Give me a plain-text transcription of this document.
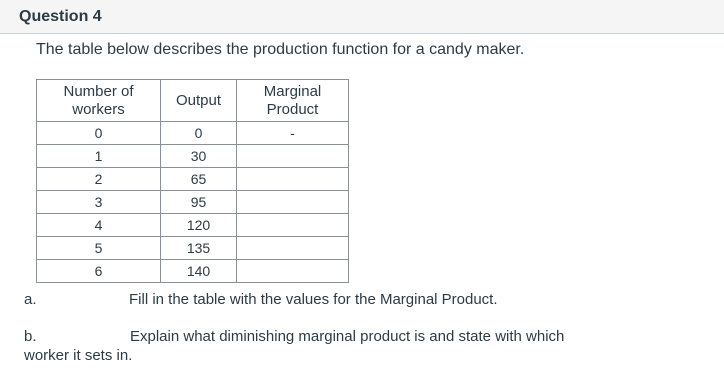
Question 4
The table below describes the production function for a candy maker.
Number of
workers	Output	Marginal
Product
0	0	-
1	30	
2	65	
3	95	
4	120	
5	135	
6	140	
a.	Fill in the table with the values for the Marginal Product.
b.	Explain what diminishing marginal product is and state with which
worker it sets in.
